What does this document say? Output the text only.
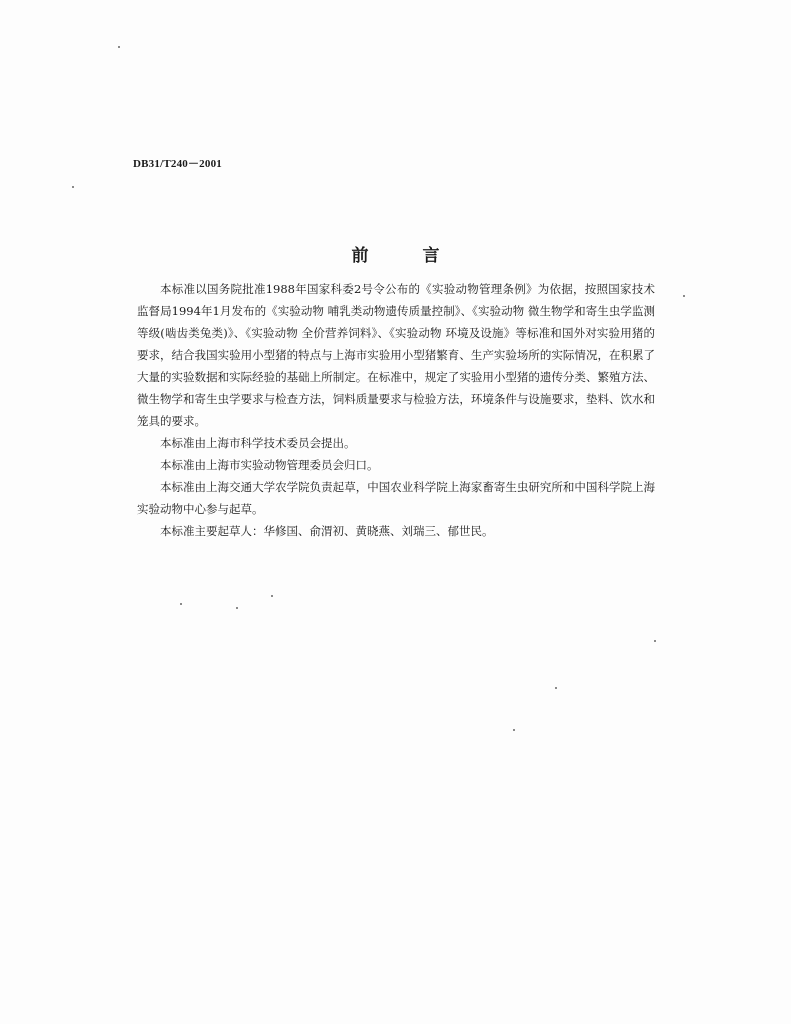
DB31/T240－2001
前言

本标准以国务院批准1988年国家科委2号令公布的《实验动物管理条例》为依据，按照国家技术监督局1994年1月发布的《实验动物 哺乳类动物遗传质量控制》、《实验动物 微生物学和寄生虫学监测等级(啮齿类兔类)》、《实验动物 全价营养饲料》、《实验动物 环境及设施》等标准和国外对实验用猪的要求，结合我国实验用小型猪的特点与上海市实验用小型猪繁育、生产实验场所的实际情况，在积累了大量的实验数据和实际经验的基础上所制定。在标准中，规定了实验用小型猪的遗传分类、繁殖方法、微生物学和寄生虫学要求与检查方法，饲料质量要求与检验方法，环境条件与设施要求，垫料、饮水和笼具的要求。

本标准由上海市科学技术委员会提出。

本标准由上海市实验动物管理委员会归口。

本标准由上海交通大学农学院负责起草，中国农业科学院上海家畜寄生虫研究所和中国科学院上海实验动物中心参与起草。

本标准主要起草人：华修国、俞渭初、黄晓燕、刘瑞三、郁世民。
